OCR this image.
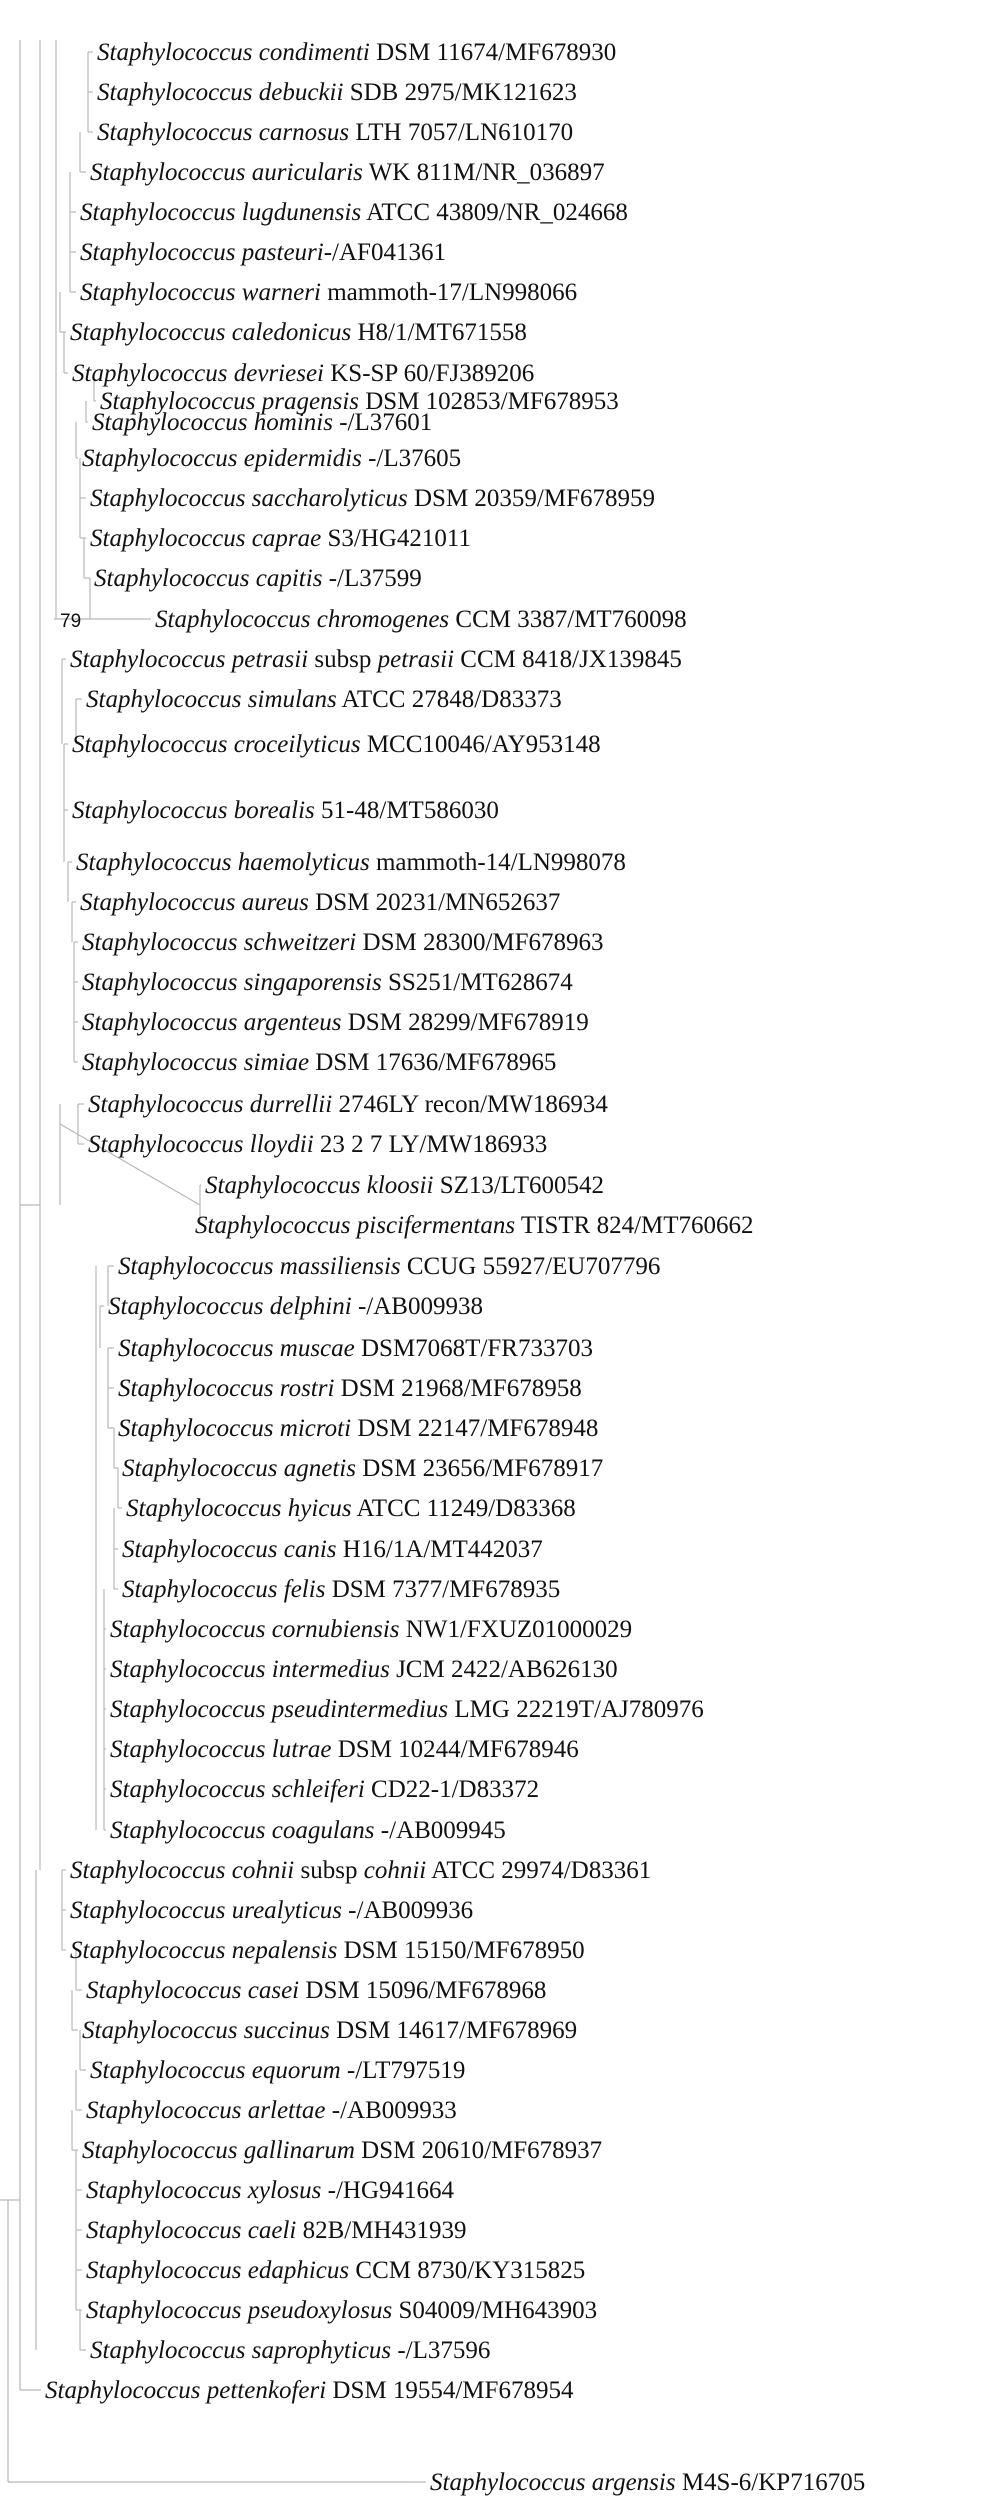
Staphylococcus condimenti DSM 11674/MF678930
Staphylococcus debuckii SDB 2975/MK121623
Staphylococcus carnosus LTH 7057/LN610170
Staphylococcus auricularis WK 811M/NR_036897
Staphylococcus lugdunensis ATCC 43809/NR_024668
Staphylococcus pasteuri-/AF041361
Staphylococcus warneri mammoth-17/LN998066
Staphylococcus caledonicus H8/1/MT671558
Staphylococcus devriesei KS-SP 60/FJ389206
Staphylococcus pragensis DSM 102853/MF678953
Staphylococcus hominis -/L37601
Staphylococcus epidermidis -/L37605
Staphylococcus saccharolyticus DSM 20359/MF678959
Staphylococcus caprae S3/HG421011
Staphylococcus capitis -/L37599
Staphylococcus chromogenes CCM 3387/MT760098
Staphylococcus petrasii subsp petrasii CCM 8418/JX139845
Staphylococcus simulans ATCC 27848/D83373
Staphylococcus croceilyticus MCC10046/AY953148
Staphylococcus borealis 51-48/MT586030
Staphylococcus haemolyticus mammoth-14/LN998078
Staphylococcus aureus DSM 20231/MN652637
Staphylococcus schweitzeri DSM 28300/MF678963
Staphylococcus singaporensis SS251/MT628674
Staphylococcus argenteus DSM 28299/MF678919
Staphylococcus simiae DSM 17636/MF678965
Staphylococcus durrellii 2746LY recon/MW186934
Staphylococcus lloydii 23 2 7 LY/MW186933
Staphylococcus kloosii SZ13/LT600542
Staphylococcus piscifermentans TISTR 824/MT760662
Staphylococcus massiliensis CCUG 55927/EU707796
Staphylococcus delphini -/AB009938
Staphylococcus muscae DSM7068T/FR733703
Staphylococcus rostri DSM 21968/MF678958
Staphylococcus microti DSM 22147/MF678948
Staphylococcus agnetis DSM 23656/MF678917
Staphylococcus hyicus ATCC 11249/D83368
Staphylococcus canis H16/1A/MT442037
Staphylococcus felis DSM 7377/MF678935
Staphylococcus cornubiensis NW1/FXUZ01000029
Staphylococcus intermedius JCM 2422/AB626130
Staphylococcus pseudintermedius LMG 22219T/AJ780976
Staphylococcus lutrae DSM 10244/MF678946
Staphylococcus schleiferi CD22-1/D83372
Staphylococcus coagulans -/AB009945
Staphylococcus cohnii subsp cohnii ATCC 29974/D83361
Staphylococcus urealyticus -/AB009936
Staphylococcus nepalensis DSM 15150/MF678950
Staphylococcus casei DSM 15096/MF678968
Staphylococcus succinus DSM 14617/MF678969
Staphylococcus equorum -/LT797519
Staphylococcus arlettae -/AB009933
Staphylococcus gallinarum DSM 20610/MF678937
Staphylococcus xylosus -/HG941664
Staphylococcus caeli 82B/MH431939
Staphylococcus edaphicus CCM 8730/KY315825
Staphylococcus pseudoxylosus S04009/MH643903
Staphylococcus saprophyticus -/L37596
Staphylococcus pettenkoferi DSM 19554/MF678954
Staphylococcus argensis M4S-6/KP716705
79
